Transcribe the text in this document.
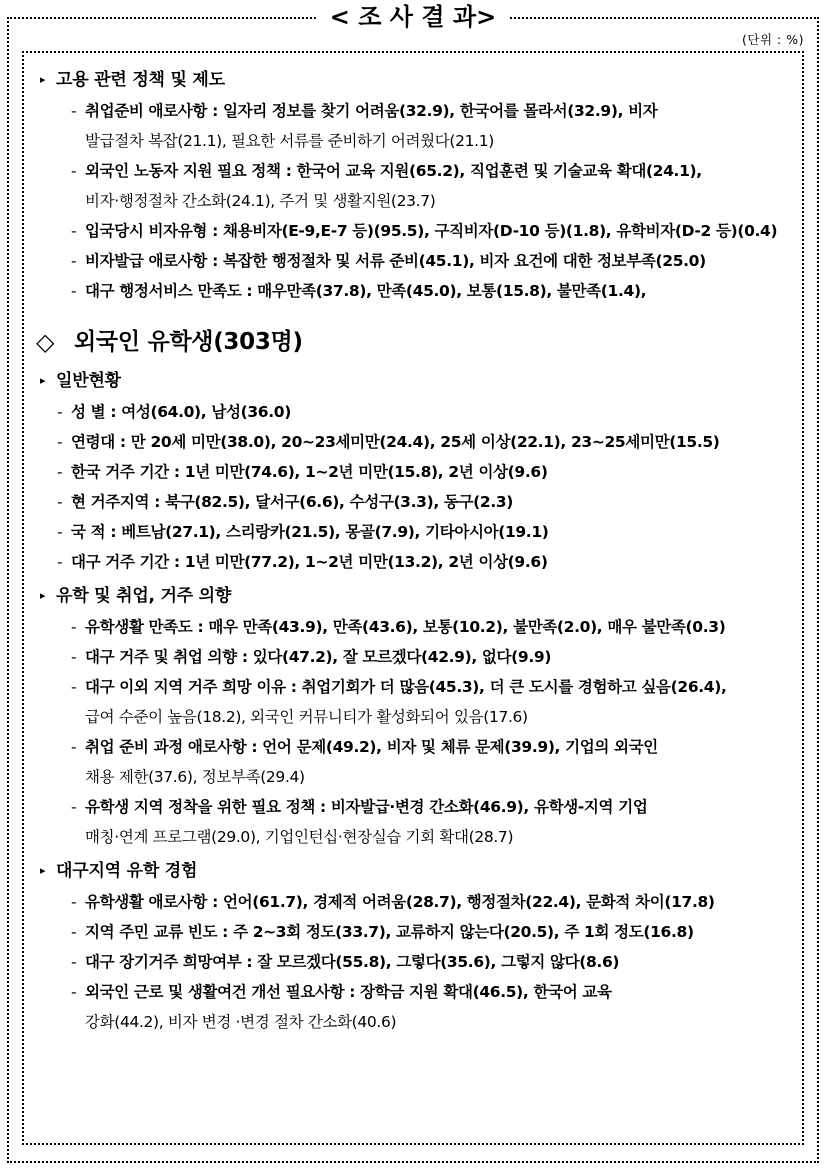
< 조 사 결 과>
(단위 : %)
▸ 고용 관련 정책 및 제도
- 취업준비 애로사항 : 일자리 정보를 찾기 어려움(32.9), 한국어를 몰라서(32.9), 비자
발급절차 복잡(21.1), 필요한 서류를 준비하기 어려웠다(21.1)
- 외국인 노동자 지원 필요 정책 : 한국어 교육 지원(65.2), 직업훈련 및 기술교육 확대(24.1),
비자·행정절차 간소화(24.1), 주거 및 생활지원(23.7)
- 입국당시 비자유형 : 채용비자(E-9,E-7 등)(95.5), 구직비자(D-10 등)(1.8), 유학비자(D-2 등)(0.4)
- 비자발급 애로사항 : 복잡한 행정절차 및 서류 준비(45.1), 비자 요건에 대한 정보부족(25.0)
- 대구 행정서비스 만족도 : 매우만족(37.8), 만족(45.0), 보통(15.8), 불만족(1.4),
◇ 외국인 유학생(303명)
▸ 일반현황
- 성 별 : 여성(64.0), 남성(36.0)
- 연령대 : 만 20세 미만(38.0), 20~23세미만(24.4), 25세 이상(22.1), 23~25세미만(15.5)
- 한국 거주 기간 : 1년 미만(74.6), 1~2년 미만(15.8), 2년 이상(9.6)
- 현 거주지역 : 북구(82.5), 달서구(6.6), 수성구(3.3), 동구(2.3)
- 국 적 : 베트남(27.1), 스리랑카(21.5), 몽골(7.9), 기타아시아(19.1)
- 대구 거주 기간 : 1년 미만(77.2), 1~2년 미만(13.2), 2년 이상(9.6)
▸ 유학 및 취업, 거주 의향
- 유학생활 만족도 : 매우 만족(43.9), 만족(43.6), 보통(10.2), 불만족(2.0), 매우 불만족(0.3)
- 대구 거주 및 취업 의향 : 있다(47.2), 잘 모르겠다(42.9), 없다(9.9)
- 대구 이외 지역 거주 희망 이유 : 취업기회가 더 많음(45.3), 더 큰 도시를 경험하고 싶음(26.4),
급여 수준이 높음(18.2), 외국인 커뮤니티가 활성화되어 있음(17.6)
- 취업 준비 과정 애로사항 : 언어 문제(49.2), 비자 및 체류 문제(39.9), 기업의 외국인
채용 제한(37.6), 정보부족(29.4)
- 유학생 지역 정착을 위한 필요 정책 : 비자발급·변경 간소화(46.9), 유학생-지역 기업
매칭·연계 프로그램(29.0), 기업인턴십·현장실습 기회 확대(28.7)
▸ 대구지역 유학 경험
- 유학생활 애로사항 : 언어(61.7), 경제적 어려움(28.7), 행정절차(22.4), 문화적 차이(17.8)
- 지역 주민 교류 빈도 : 주 2~3회 정도(33.7), 교류하지 않는다(20.5), 주 1회 정도(16.8)
- 대구 장기거주 희망여부 : 잘 모르겠다(55.8), 그렇다(35.6), 그렇지 않다(8.6)
- 외국인 근로 및 생활여건 개선 필요사항 : 장학금 지원 확대(46.5), 한국어 교육
강화(44.2), 비자 변경 ·변경 절차 간소화(40.6)
